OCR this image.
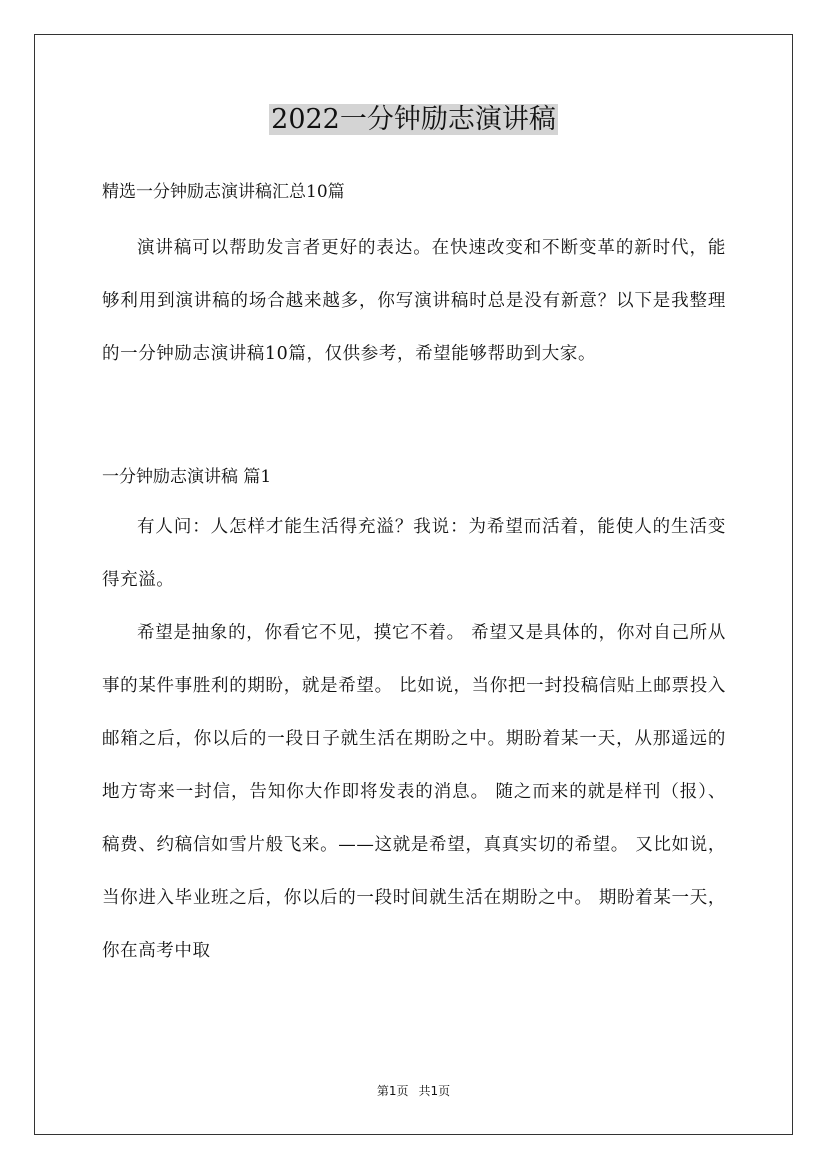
2022一分钟励志演讲稿

精选一分钟励志演讲稿汇总10篇

演讲稿可以帮助发言者更好的表达。在快速改变和不断变革的新时代，能够利用到演讲稿的场合越来越多，你写演讲稿时总是没有新意？以下是我整理的一分钟励志演讲稿10篇，仅供参考，希望能够帮助到大家。

一分钟励志演讲稿 篇1

有人问：人怎样才能生活得充溢？我说：为希望而活着，能使人的生活变得充溢。

希望是抽象的，你看它不见，摸它不着。 希望又是具体的，你对自己所从事的某件事胜利的期盼，就是希望。 比如说，当你把一封投稿信贴上邮票投入邮箱之后，你以后的一段日子就生活在期盼之中。期盼着某一天，从那遥远的地方寄来一封信，告知你大作即将发表的消息。 随之而来的就是样刊（报）、稿费、约稿信如雪片般飞来。——这就是希望，真真实切的希望。 又比如说，当你进入毕业班之后，你以后的一段时间就生活在期盼之中。 期盼着某一天，你在高考中取

第1页 共1页
